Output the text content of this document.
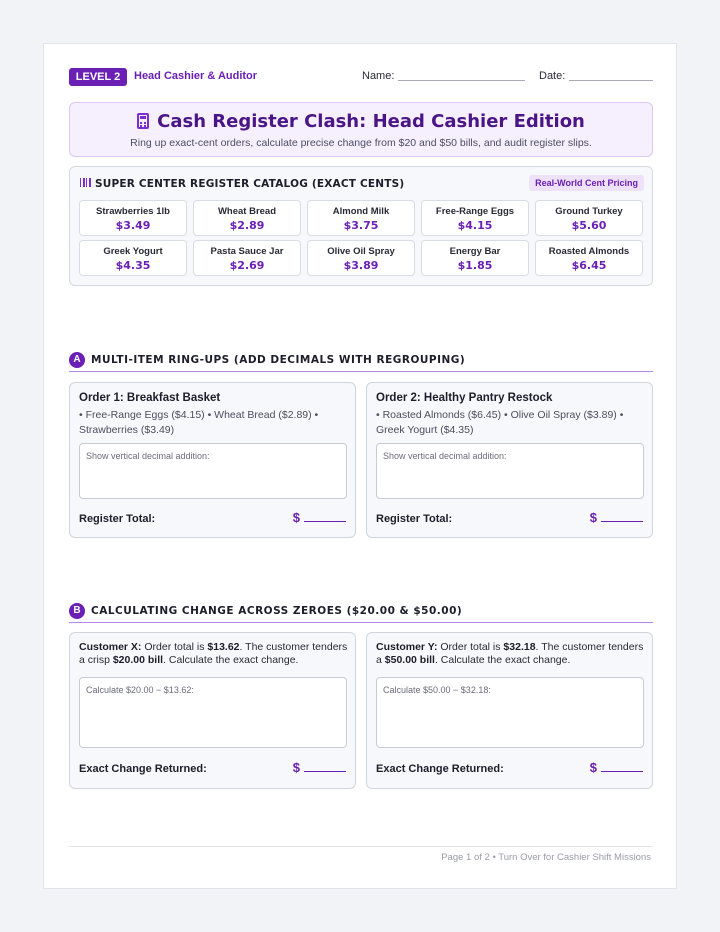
LEVEL 2	Head Cashier & Auditor	Name:	Date:
Cash Register Clash: Head Cashier Edition
Ring up exact-cent orders, calculate precise change from $20 and $50 bills, and audit register slips.
SUPER CENTER REGISTER CATALOG (EXACT CENTS)	Real-World Cent Pricing
Strawberries 1lb
$3.49
Wheat Bread
$2.89
Almond Milk
$3.75
Free-Range Eggs
$4.15
Ground Turkey
$5.60
Greek Yogurt
$4.35
Pasta Sauce Jar
$2.69
Olive Oil Spray
$3.89
Energy Bar
$1.85
Roasted Almonds
$6.45
A MULTI-ITEM RING-UPS (ADD DECIMALS WITH REGROUPING)
Order 1: Breakfast Basket
• Free-Range Eggs ($4.15) • Wheat Bread ($2.89) • Strawberries ($3.49)
Show vertical decimal addition:
Register Total:	$
Order 2: Healthy Pantry Restock
• Roasted Almonds ($6.45) • Olive Oil Spray ($3.89) • Greek Yogurt ($4.35)
Show vertical decimal addition:
Register Total:	$
B CALCULATING CHANGE ACROSS ZEROES ($20.00 & $50.00)
Customer X: Order total is $13.62. The customer tenders a crisp $20.00 bill. Calculate the exact change.
Calculate $20.00 − $13.62:
Exact Change Returned:	$
Customer Y: Order total is $32.18. The customer tenders a $50.00 bill. Calculate the exact change.
Calculate $50.00 − $32.18:
Exact Change Returned:	$
Page 1 of 2 • Turn Over for Cashier Shift Missions
